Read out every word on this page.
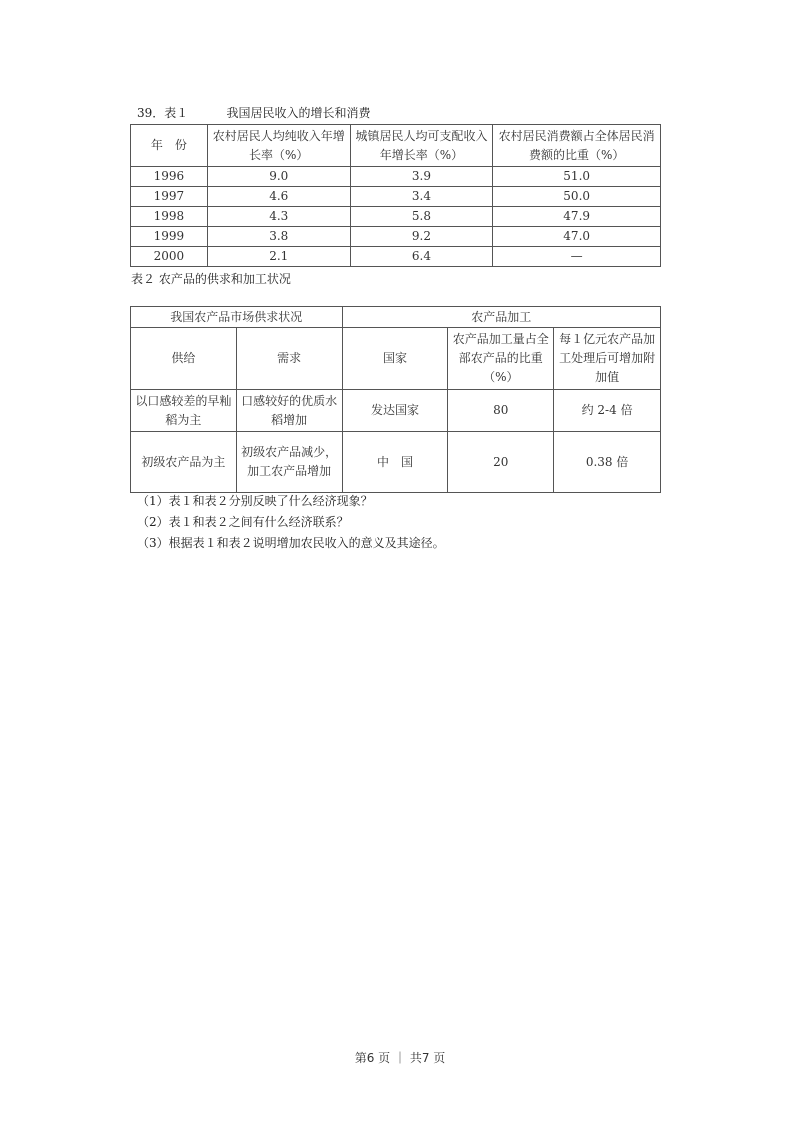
39．表１	我国居民收入的增长和消费
年　份	农村居民人均纯收入年增长率（%）	城镇居民人均可支配收入年增长率（%）	农村居民消费额占全体居民消费额的比重（%）
1996	9.0	3.9	51.0
1997	4.6	3.4	50.0
1998	4.3	5.8	47.9
1999	3.8	9.2	47.0
2000	2.1	6.4	—
表２ 农产品的供求和加工状况
我国农产品市场供求状况		农产品加工		
供给	需求	国家	农产品加工量占全部农产品的比重（%）	每１亿元农产品加工处理后可增加附加值
以口感较差的早籼稻为主	口感较好的优质水稻增加	发达国家	80	约 2-4 倍
初级农产品为主	初级农产品减少，加工农产品增加	中　国	20	0.38 倍
（1）表１和表２分别反映了什么经济现象？
（2）表１和表２之间有什么经济联系？
（3）根据表１和表２说明增加农民收入的意义及其途径。
第6 页 ｜ 共7 页
